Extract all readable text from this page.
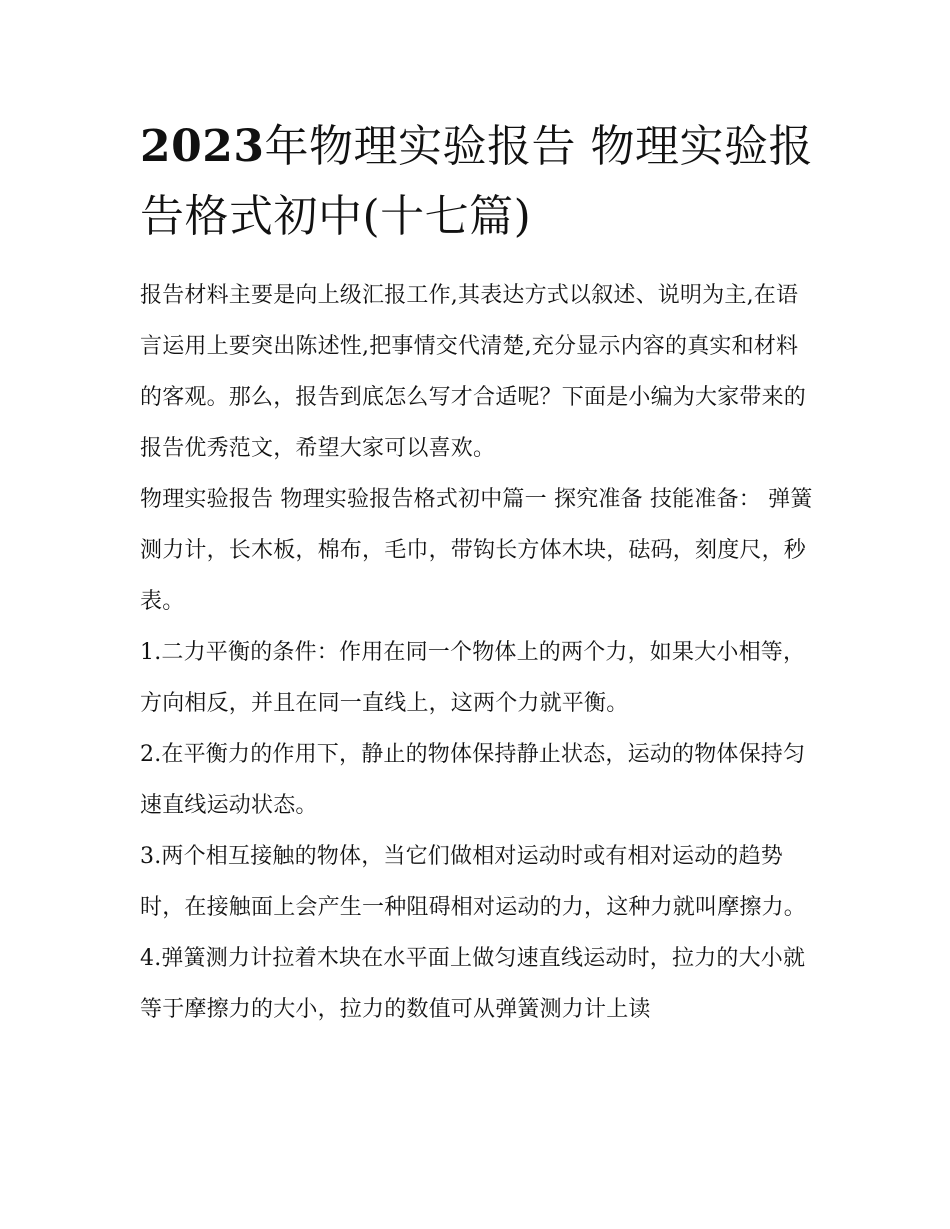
2023年物理实验报告 物理实验报告格式初中(十七篇)

报告材料主要是向上级汇报工作,其表达方式以叙述、说明为主,在语言运用上要突出陈述性,把事情交代清楚,充分显示内容的真实和材料的客观。那么，报告到底怎么写才合适呢？下面是小编为大家带来的报告优秀范文，希望大家可以喜欢。

物理实验报告 物理实验报告格式初中篇一 探究准备 技能准备： 弹簧测力计，长木板，棉布，毛巾，带钩长方体木块，砝码，刻度尺，秒表。

1.二力平衡的条件：作用在同一个物体上的两个力，如果大小相等，方向相反，并且在同一直线上，这两个力就平衡。

2.在平衡力的作用下，静止的物体保持静止状态，运动的物体保持匀速直线运动状态。

3.两个相互接触的物体，当它们做相对运动时或有相对运动的趋势时，在接触面上会产生一种阻碍相对运动的力，这种力就叫摩擦力。

4.弹簧测力计拉着木块在水平面上做匀速直线运动时，拉力的大小就等于摩擦力的大小，拉力的数值可从弹簧测力计上读
